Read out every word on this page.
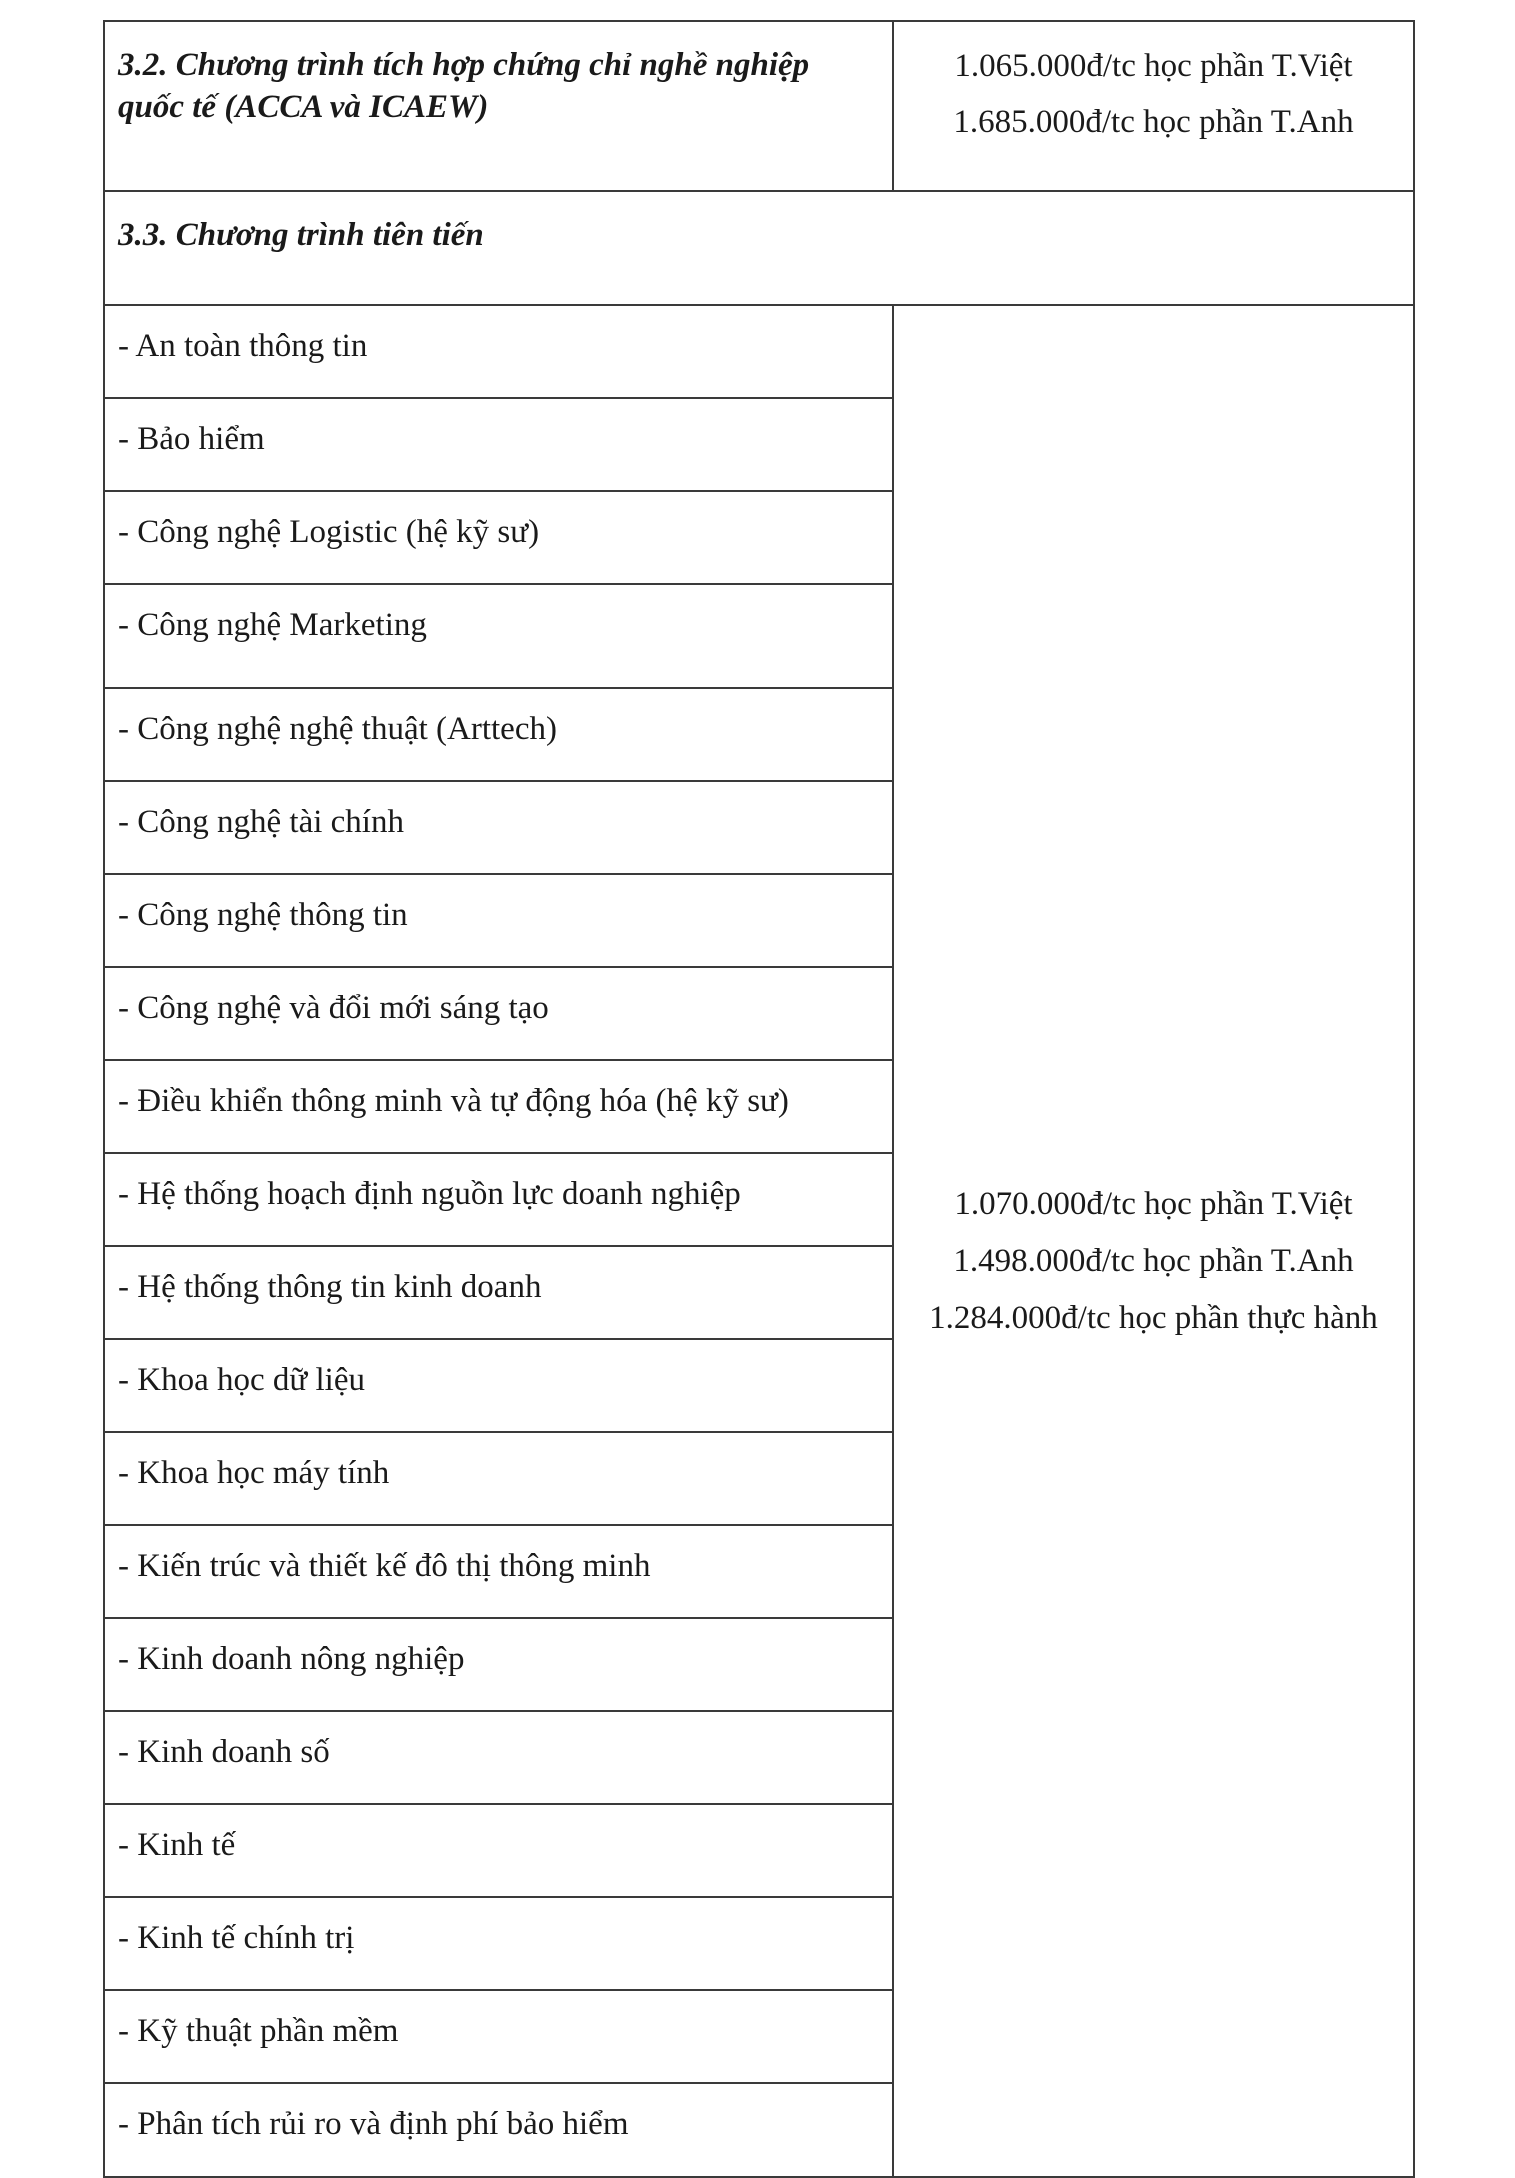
3.2. Chương trình tích hợp chứng chỉ nghề nghiệp quốc tế (ACCA và ICAEW)	1.065.000đ/tc học phần T.Việt
1.685.000đ/tc học phần T.Anh

3.3. Chương trình tiên tiến	
- An toàn thông tin	1.070.000đ/tc học phần T.Việt
1.498.000đ/tc học phần T.Anh
1.284.000đ/tc học phần thực hành

- Bảo hiểm	
- Công nghệ Logistic (hệ kỹ sư)	
- Công nghệ Marketing	
- Công nghệ nghệ thuật (Arttech)	
- Công nghệ tài chính	
- Công nghệ thông tin	
- Công nghệ và đổi mới sáng tạo	
- Điều khiển thông minh và tự động hóa (hệ kỹ sư)	
- Hệ thống hoạch định nguồn lực doanh nghiệp	
- Hệ thống thông tin kinh doanh	
- Khoa học dữ liệu	
- Khoa học máy tính	
- Kiến trúc và thiết kế đô thị thông minh	
- Kinh doanh nông nghiệp	
- Kinh doanh số	
- Kinh tế	
- Kinh tế chính trị	
- Kỹ thuật phần mềm	
- Phân tích rủi ro và định phí bảo hiểm	
